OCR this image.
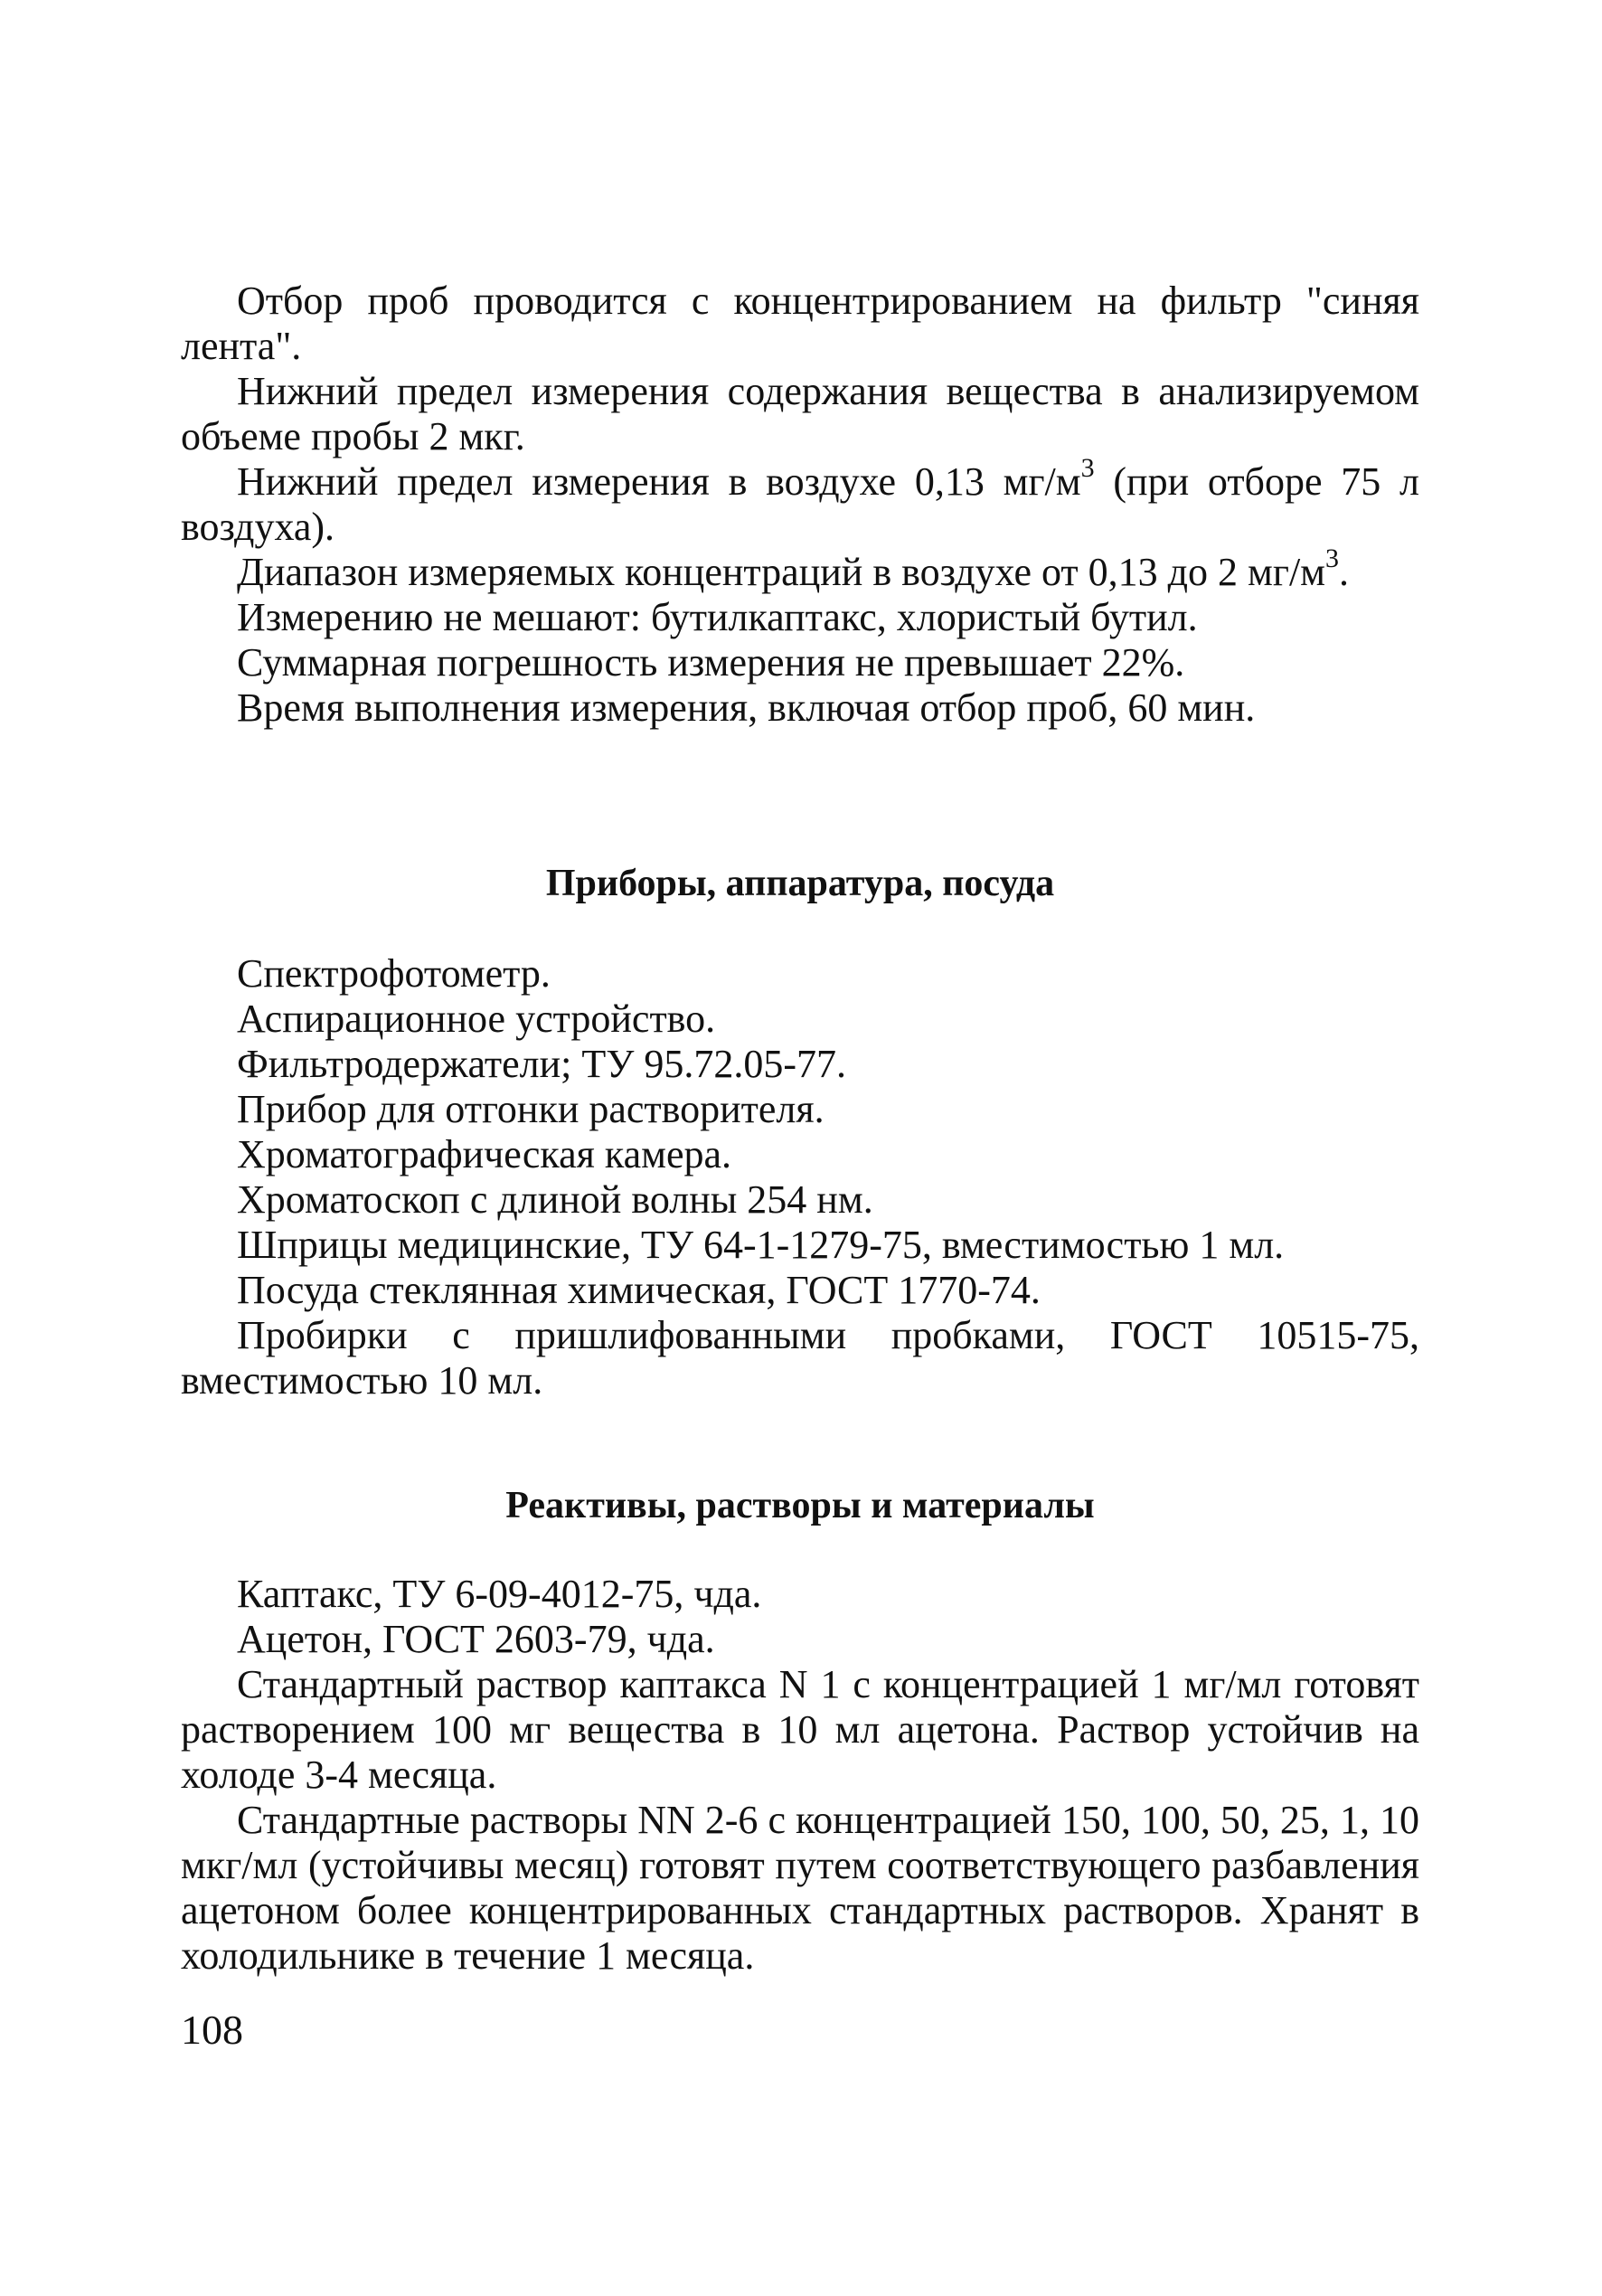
Отбор проб проводится с концентрированием на фильтр "синяя лента".

Нижний предел измерения содержания вещества в анализируемом объеме пробы 2 мкг.

Нижний предел измерения в воздухе 0,13 $мг/м^3$ (при отборе 75 л воздуха).

Диапазон измеряемых концентраций в воздухе от 0,13 до 2 $мг/м^3$.

Измерению не мешают: бутилкаптакс, хлористый бутил.

Суммарная погрешность измерения не превышает 22%.

Время выполнения измерения, включая отбор проб, 60 мин.

Приборы, аппаратура, посуда

Спектрофотометр.

Аспирационное устройство.

Фильтродержатели; ТУ 95.72.05-77.

Прибор для отгонки растворителя.

Хроматографическая камера.

Хроматоскоп с длиной волны 254 нм.

Шприцы медицинские, ТУ 64-1-1279-75, вместимостью 1 мл.

Посуда стеклянная химическая, ГОСТ 1770-74.

Пробирки с пришлифованными пробками, ГОСТ 10515-75, вместимостью 10 мл.

Реактивы, растворы и материалы

Каптакс, ТУ 6-09-4012-75, чда.

Ацетон, ГОСТ 2603-79, чда.

Стандартный раствор каптакса N 1 с концентрацией 1 мг/мл готовят растворением 100 мг вещества в 10 мл ацетона. Раствор устойчив на холоде 3-4 месяца.

Стандартные растворы NN 2-6 с концентрацией 150, 100, 50, 25, 1, 10 мкг/мл (устойчивы месяц) готовят путем соответствующего разбавления ацетоном более концентрированных стандартных растворов. Хранят в холодильнике в течение 1 месяца.

108
